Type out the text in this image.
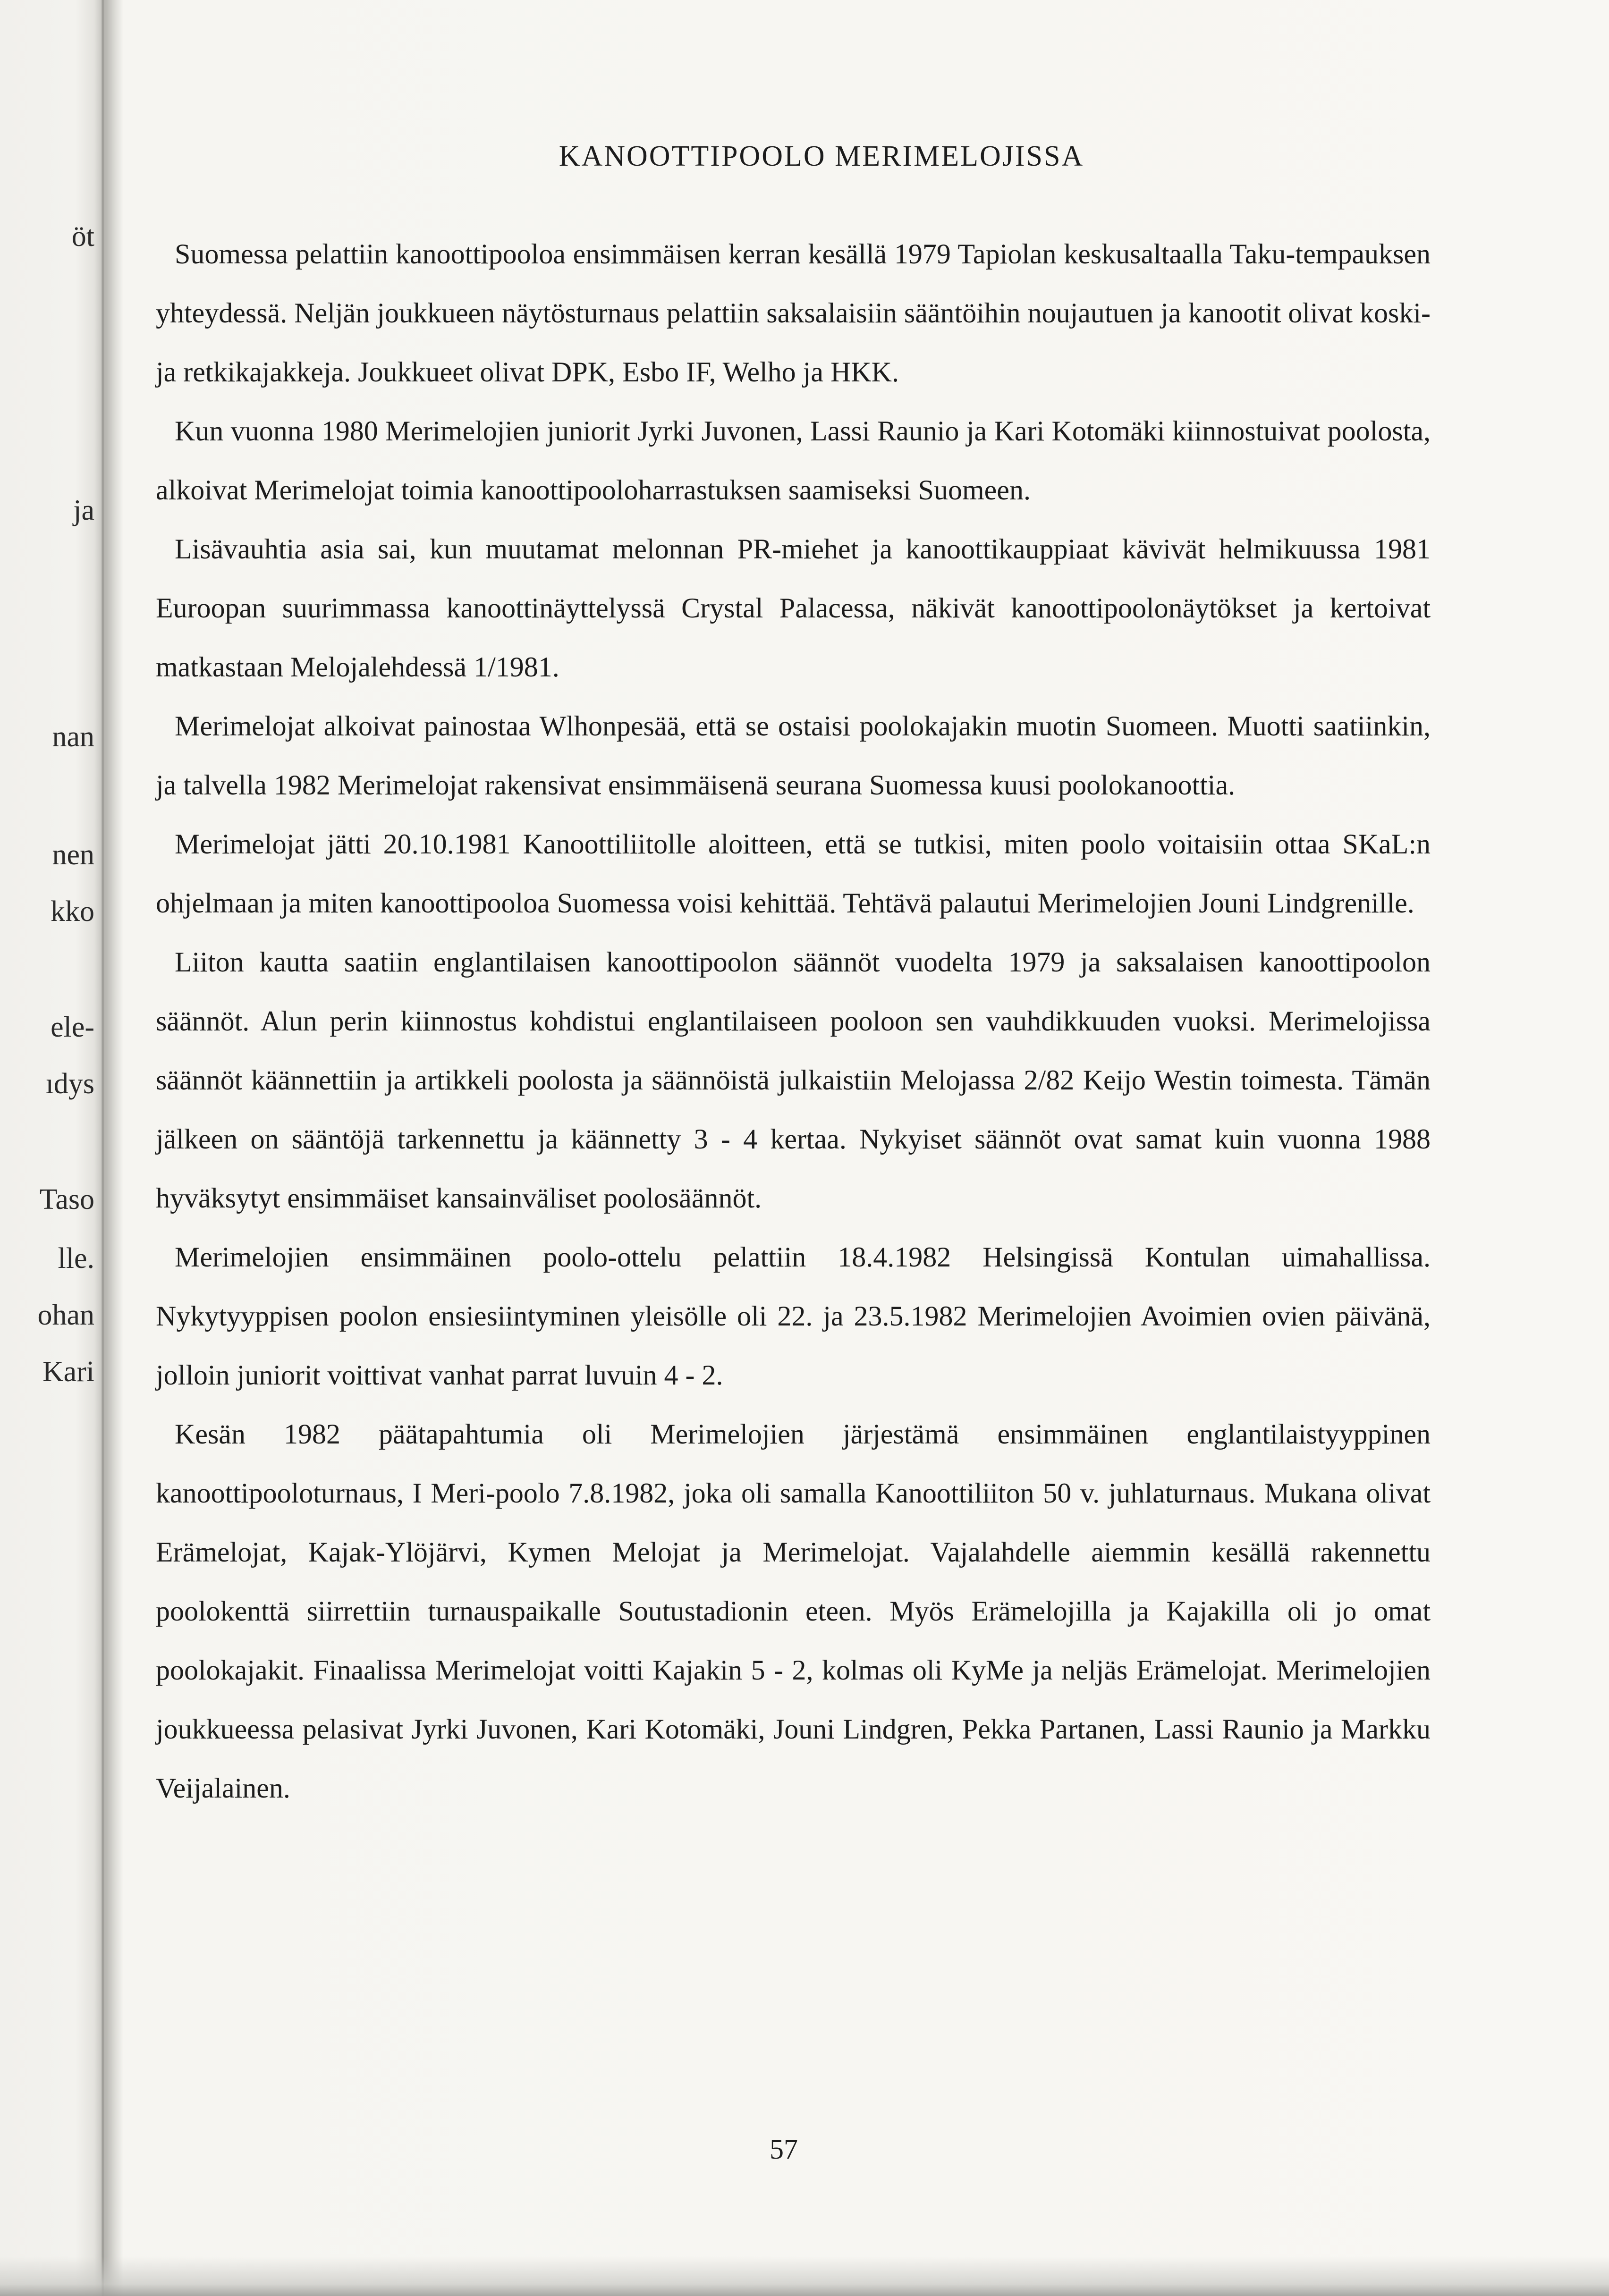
öt
ja
nan
nen
kko
ele-
ıdys
Taso
lle.
ohan
Kari
KANOOTTIPOOLO MERIMELOJISSA

Suomessa pelattiin kanoottipooloa ensimmäisen kerran kesällä 1979 Tapiolan keskusaltaalla Taku-tempauksen yhteydessä. Neljän joukkueen näytösturnaus pelattiin saksalaisiin sääntöihin noujautuen ja kanootit olivat koski- ja retkikajakkeja. Joukkueet olivat DPK, Esbo IF, Welho ja HKK.

Kun vuonna 1980 Merimelojien juniorit Jyrki Juvonen, Lassi Raunio ja Kari Kotomäki kiinnostuivat poolosta, alkoivat Merimelojat toimia kanoottipooloharrastuksen saamiseksi Suomeen.

Lisävauhtia asia sai, kun muutamat melonnan PR-miehet ja kanoottikauppiaat kävivät helmikuussa 1981 Euroopan suurimmassa kanoottinäyttelyssä Crystal Palacessa, näkivät kanoottipoolonäytökset ja kertoivat matkastaan Melojalehdessä 1/1981.

Merimelojat alkoivat painostaa Wlhonpesää, että se ostaisi poolokajakin muotin Suomeen. Muotti saatiinkin, ja talvella 1982 Merimelojat rakensivat ensimmäisenä seurana Suomessa kuusi poolokanoottia.

Merimelojat jätti 20.10.1981 Kanoottiliitolle aloitteen, että se tutkisi, miten poolo voitaisiin ottaa SKaL:n ohjelmaan ja miten kanoottipooloa Suomessa voisi kehittää. Tehtävä palautui Merimelojien Jouni Lindgrenille.

Liiton kautta saatiin englantilaisen kanoottipoolon säännöt vuodelta 1979 ja saksalaisen kanoottipoolon säännöt. Alun perin kiinnostus kohdistui englantilaiseen pooloon sen vauhdikkuuden vuoksi. Merimelojissa säännöt käännettiin ja artikkeli poolosta ja säännöistä julkaistiin Melojassa 2/82 Keijo Westin toimesta. Tämän jälkeen on sääntöjä tarkennettu ja käännetty 3 - 4 kertaa. Nykyiset säännöt ovat samat kuin vuonna 1988 hyväksytyt ensimmäiset kansainväliset poolosäännöt.

Merimelojien ensimmäinen poolo-ottelu pelattiin 18.4.1982 Helsingissä Kontulan uimahallissa. Nykytyyppisen poolon ensiesiintyminen yleisölle oli 22. ja 23.5.1982 Merimelojien Avoimien ovien päivänä, jolloin juniorit voittivat vanhat parrat luvuin 4 - 2.

Kesän 1982 päätapahtumia oli Merimelojien järjestämä ensimmäinen englantilaistyyppinen kanoottipooloturnaus, I Meri-poolo 7.8.1982, joka oli samalla Kanoottiliiton 50 v. juhlaturnaus. Mukana olivat Erämelojat, Kajak-Ylöjärvi, Kymen Melojat ja Merimelojat. Vajalahdelle aiemmin kesällä rakennettu poolokenttä siirrettiin turnauspaikalle Soutustadionin eteen. Myös Erämelojilla ja Kajakilla oli jo omat poolokajakit. Finaalissa Merimelojat voitti Kajakin 5 - 2, kolmas oli KyMe ja neljäs Erämelojat. Merimelojien joukkueessa pelasivat Jyrki Juvonen, Kari Kotomäki, Jouni Lindgren, Pekka Partanen, Lassi Raunio ja Markku Veijalainen.

57
